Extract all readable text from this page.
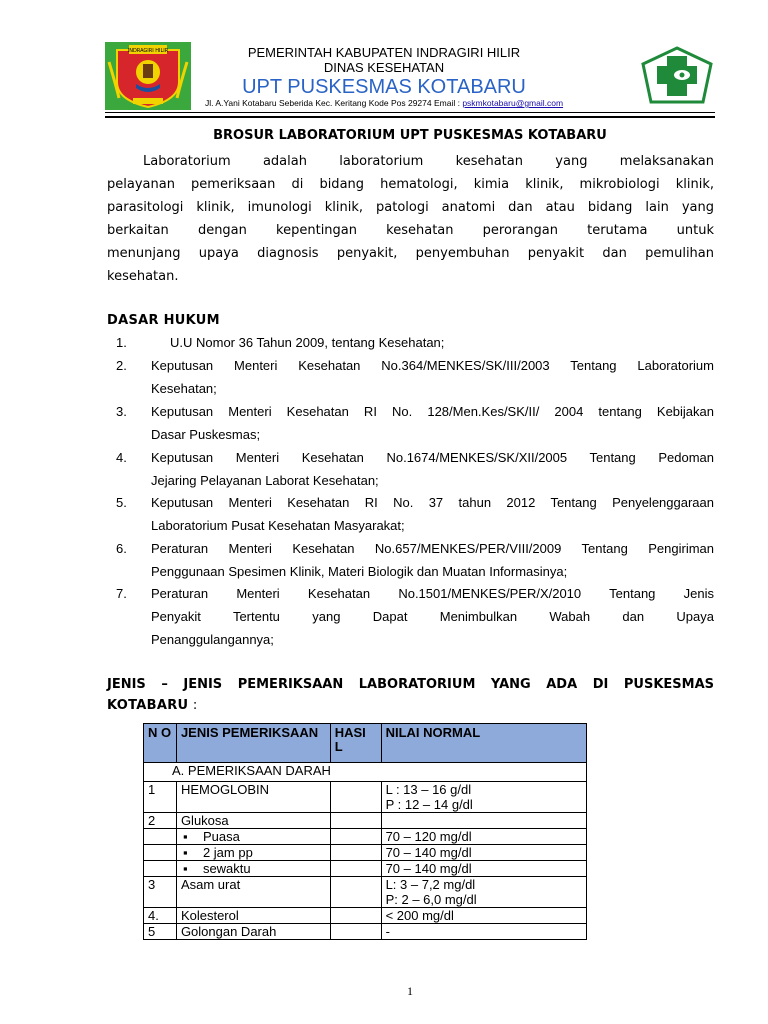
INDRAGIRI HILIR	PEMERINTAH KABUPATEN INDRAGIRI HILIR
DINAS KESEHATAN
UPT PUSKESMAS KOTABARU
Jl. A.Yani Kotabaru Seberida Kec. Keritang Kode Pos 29274 Email : pskmkotabaru@gmail.com
BROSUR LABORATORIUM UPT PUSKESMAS KOTABARU
Laboratorium adalah laboratorium kesehatan yang melaksanakan
pelayanan pemeriksaan di bidang hematologi, kimia klinik, mikrobiologi klinik,
parasitologi klinik, imunologi klinik, patologi anatomi dan atau bidang lain yang
berkaitan dengan kepentingan kesehatan perorangan terutama untuk
menunjang upaya diagnosis penyakit, penyembuhan penyakit dan pemulihan
kesehatan.
DASAR HUKUM
1.	U.U Nomor 36 Tahun 2009, tentang Kesehatan;
2. Keputusan Menteri Kesehatan No.364/MENKES/SK/III/2003 Tentang Laboratorium
Kesehatan;
3. Keputusan Menteri Kesehatan RI No. 128/Men.Kes/SK/II/ 2004 tentang Kebijakan
Dasar Puskesmas;
4. Keputusan Menteri Kesehatan No.1674/MENKES/SK/XII/2005 Tentang Pedoman
Jejaring Pelayanan Laborat Kesehatan;
5. Keputusan Menteri Kesehatan RI No. 37 tahun 2012 Tentang Penyelenggaraan
Laboratorium Pusat Kesehatan Masyarakat;
6. Peraturan Menteri Kesehatan No.657/MENKES/PER/VIII/2009 Tentang Pengiriman
Penggunaan Spesimen Klinik, Materi Biologik dan Muatan Informasinya;
7. Peraturan Menteri Kesehatan No.1501/MENKES/PER/X/2010 Tentang Jenis
Penyakit Tertentu yang Dapat Menimbulkan Wabah dan Upaya
Penanggulangannya;
JENIS – JENIS PEMERIKSAAN LABORATORIUM YANG ADA DI PUSKESMAS
KOTABARU :
N O	JENIS PEMERIKSAAN	HASI L	NILAI NORMAL
A. PEMERIKSAAN DARAH			
1	HEMOGLOBIN		L : 13 – 16 g/dl
P : 12 – 14 g/dl

2	Glukosa		
	▪ Puasa		70 – 120 mg/dl
	▪ 2 jam pp		70 – 140 mg/dl
	▪ sewaktu		70 – 140 mg/dl
3	Asam urat		L: 3 – 7,2 mg/dl
P: 2 – 6,0 mg/dl

4.	Kolesterol		< 200 mg/dl
5	Golongan Darah		-
1
